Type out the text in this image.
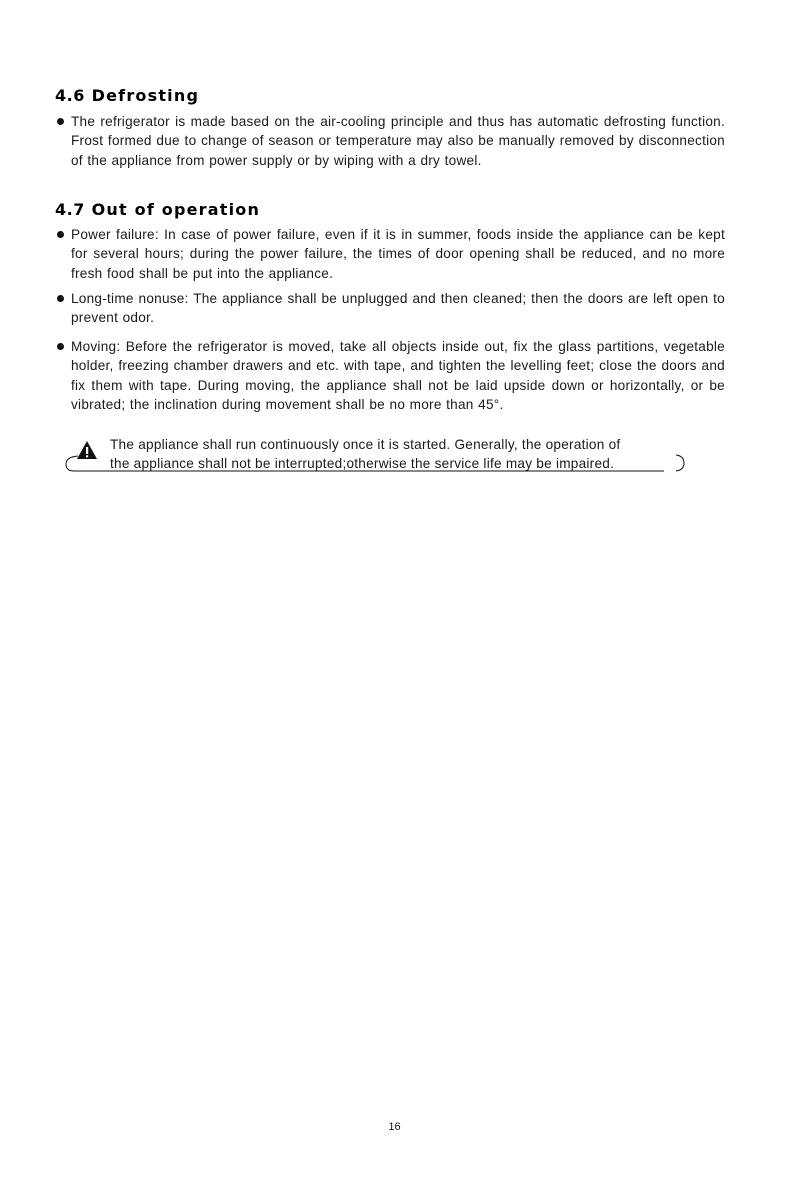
4.6 Defrosting

The refrigerator is made based on the air-cooling principle and thus has automatic defrosting function. Frost formed due to change of season or temperature may also be manually removed by disconnection of the appliance from power supply or by wiping with a dry towel.

4.7 Out of operation

Power failure: In case of power failure, even if it is in summer, foods inside the appliance can be kept for several hours; during the power failure, the times of door opening shall be reduced, and no more fresh food shall be put into the appliance.

Long-time nonuse: The appliance shall be unplugged and then cleaned; then the doors are left open to prevent odor.

Moving: Before the refrigerator is moved, take all objects inside out, fix the glass partitions, vegetable holder, freezing chamber drawers and etc. with tape, and tighten the levelling feet; close the doors and fix them with tape. During moving, the appliance shall not be laid upside down or horizontally, or be vibrated; the inclination during movement shall be no more than 45°.

The appliance shall run continuously once it is started. Generally, the operation of
the appliance shall not be interrupted;otherwise the service life may be impaired.

16
